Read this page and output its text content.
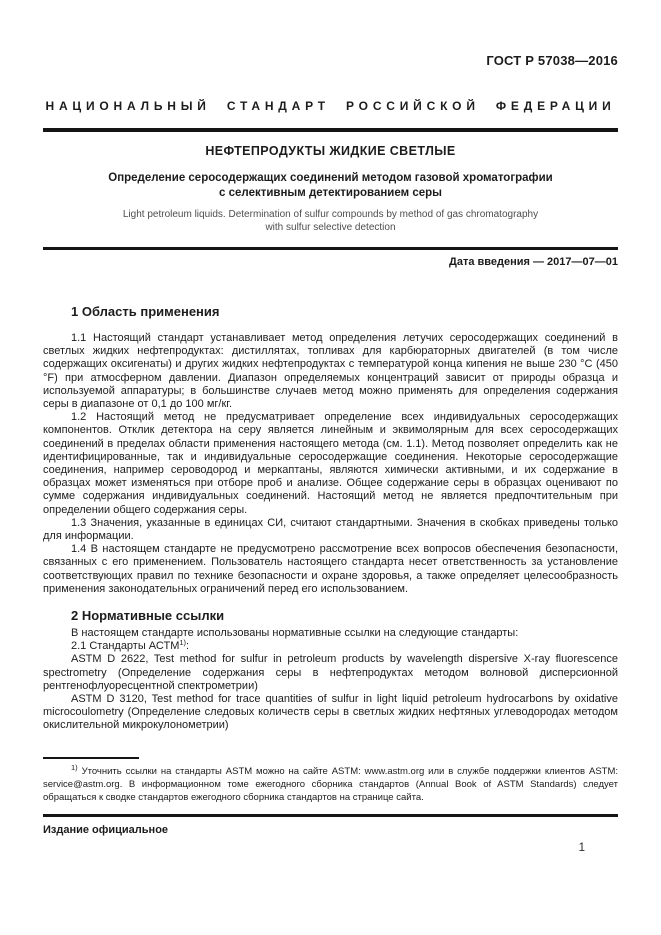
ГОСТ Р 57038—2016
НАЦИОНАЛЬНЫЙ СТАНДАРТ РОССИЙСКОЙ ФЕДЕРАЦИИ
НЕФТЕПРОДУКТЫ ЖИДКИЕ СВЕТЛЫЕ
Определение серосодержащих соединений методом газовой хроматографии
с селективным детектированием серы
Light petroleum liquids. Determination of sulfur compounds by method of gas chromatography
with sulfur selective detection
Дата введения — 2017—07—01
1 Область применения

1.1 Настоящий стандарт устанавливает метод определения летучих серосодержащих соединений в светлых жидких нефтепродуктах: дистиллятах, топливах для карбюраторных двигателей (в том числе содержащих оксигенаты) и других жидких нефтепродуктах с температурой конца кипения не выше 230 °C (450 °F) при атмосферном давлении. Диапазон определяемых концентраций зависит от природы образца и используемой аппаратуры; в большинстве случаев метод можно применять для определения содержания серы в диапазоне от 0,1 до 100 мг/кг.

1.2 Настоящий метод не предусматривает определение всех индивидуальных серосодержащих компонентов. Отклик детектора на серу является линейным и эквимолярным для всех серосодержащих соединений в пределах области применения настоящего метода (см. 1.1). Метод позволяет определить как не идентифицированные, так и индивидуальные серосодержащие соединения. Некоторые серосодержащие соединения, например сероводород и меркаптаны, являются химически активными, и их содержание в образцах может изменяться при отборе проб и анализе. Общее содержание серы в образцах оценивают по сумме содержания индивидуальных соединений. Настоящий метод не является предпочтительным при определении общего содержания серы.

1.3 Значения, указанные в единицах СИ, считают стандартными. Значения в скобках приведены только для информации.

1.4 В настоящем стандарте не предусмотрено рассмотрение всех вопросов обеспечения безопасности, связанных с его применением. Пользователь настоящего стандарта несет ответственность за установление соответствующих правил по технике безопасности и охране здоровья, а также определяет целесообразность применения законодательных ограничений перед его использованием.

2 Нормативные ссылки

В настоящем стандарте использованы нормативные ссылки на следующие стандарты:

2.1 Стандарты АСТМ$^{1)}$:

ASTM D 2622, Test method for sulfur in petroleum products by wavelength dispersive X-ray fluorescence spectrometry (Определение содержания серы в нефтепродуктах методом волновой дисперсионной рентгенофлуоресцентной спектрометрии)

ASTM D 3120, Test method for trace quantities of sulfur in light liquid petroleum hydrocarbons by oxidative microcoulometry (Определение следовых количеств серы в светлых жидких нефтяных углеводородах методом окислительной микрокулонометрии)

$^{1)}$ Уточнить ссылки на стандарты ASTM можно на сайте ASTM: www.astm.org или в службе поддержки клиентов ASTM: service@astm.org. В информационном томе ежегодного сборника стандартов (Annual Book of ASTM Standards) следует обращаться к сводке стандартов ежегодного сборника стандартов на странице сайта.

Издание официальное
1
